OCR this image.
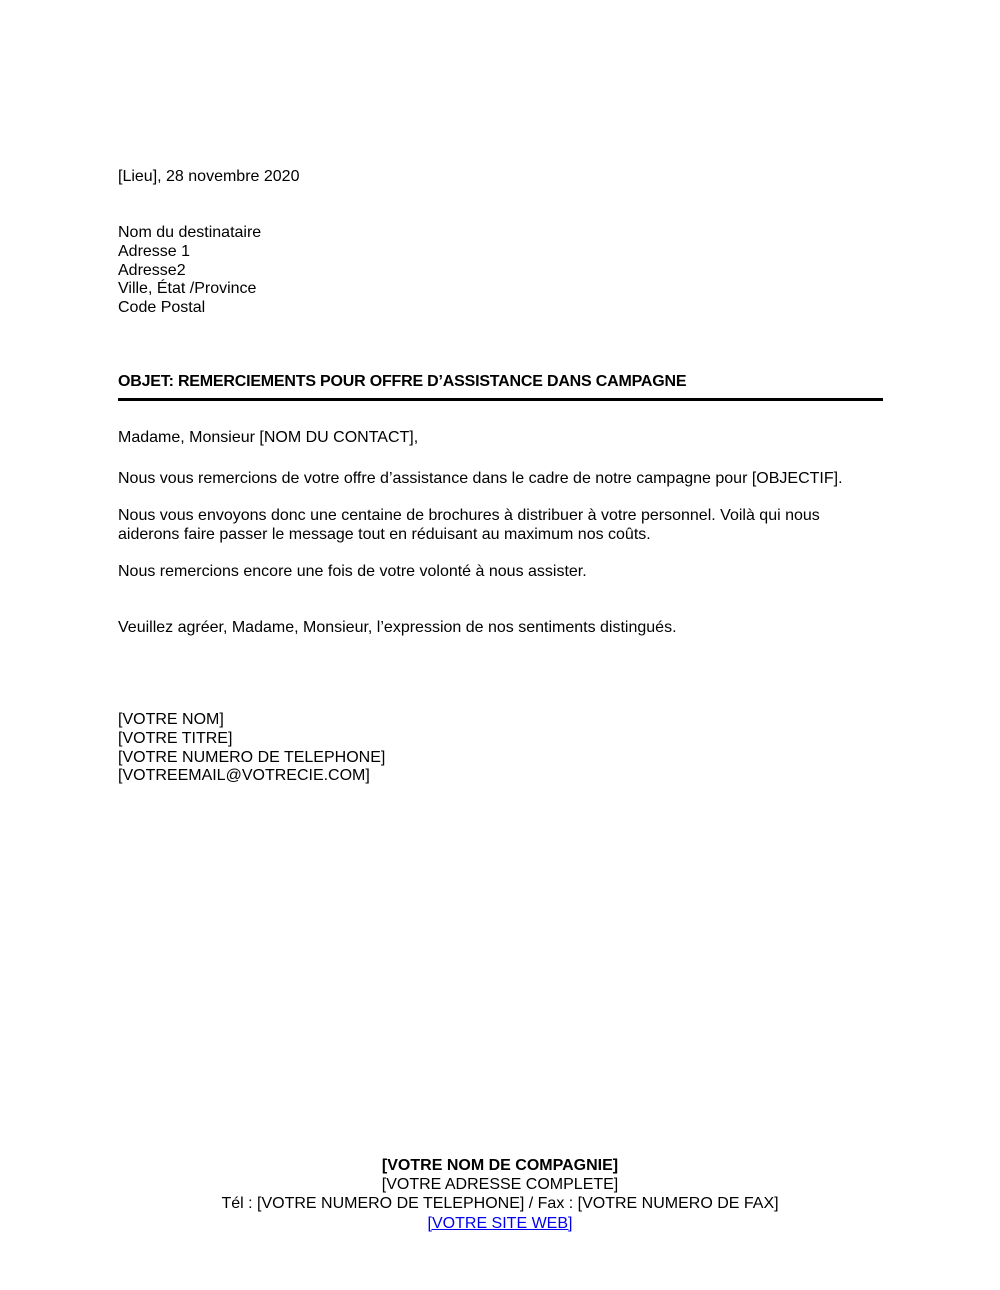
[Lieu], 28 novembre 2020
Nom du destinataire
Adresse 1
Adresse2
Ville, État /Province
Code Postal
OBJET: REMERCIEMENTS POUR OFFRE D’ASSISTANCE DANS CAMPAGNE
Madame, Monsieur [NOM DU CONTACT],
Nous vous remercions de votre offre d’assistance dans le cadre de notre campagne pour [OBJECTIF].
Nous vous envoyons donc une centaine de brochures à distribuer à votre personnel. Voilà qui nous aiderons faire passer le message tout en réduisant au maximum nos coûts.
Nous remercions encore une fois de votre volonté à nous assister.
Veuillez agréer, Madame, Monsieur, l’expression de nos sentiments distingués.
[VOTRE NOM]
[VOTRE TITRE]
[VOTRE NUMERO DE TELEPHONE]
[VOTREEMAIL@VOTRECIE.COM]
[VOTRE NOM DE COMPAGNIE]
[VOTRE ADRESSE COMPLETE]
Tél : [VOTRE NUMERO DE TELEPHONE] / Fax : [VOTRE NUMERO DE FAX]
[VOTRE SITE WEB]
